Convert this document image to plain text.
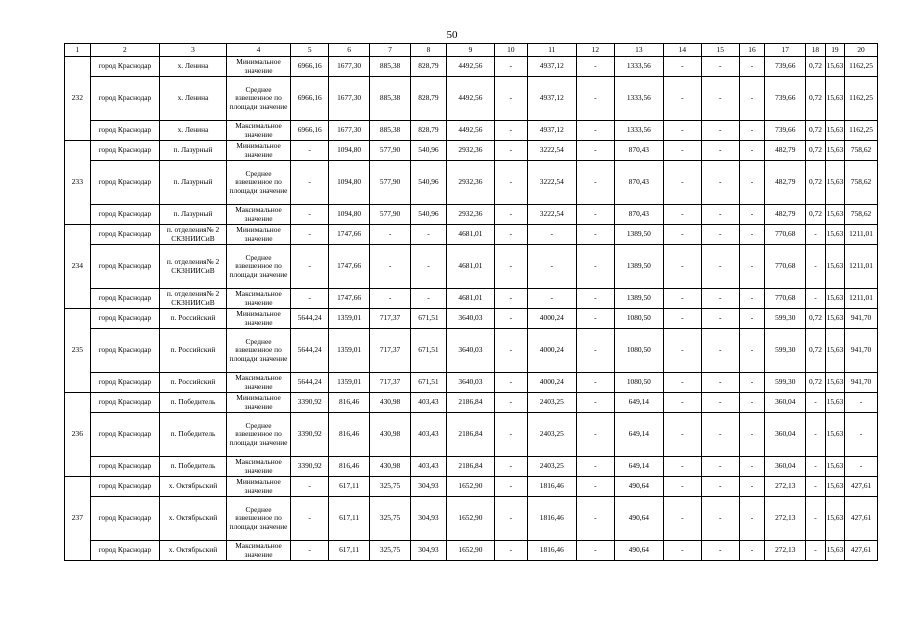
50
1	2	3	4	5	6	7	8	9	10	11	12	13	14	15	16	17	18	19	20
232	город Краснодар	х. Ленина	Минимальное значение	6966,16	1677,30	885,38	828,79	4492,56	-	4937,12	-	1333,56	-	-	-	739,66	0,72	15,63	1162,25
	город Краснодар	х. Ленина	Среднее взвешенное по площади значение	6966,16	1677,30	885,38	828,79	4492,56	-	4937,12	-	1333,56	-	-	-	739,66	0,72	15,63	1162,25
	город Краснодар	х. Ленина	Максимальное значение	6966,16	1677,30	885,38	828,79	4492,56	-	4937,12	-	1333,56	-	-	-	739,66	0,72	15,63	1162,25
233	город Краснодар	п. Лазурный	Минимальное значение	-	1094,80	577,90	540,96	2932,36	-	3222,54	-	870,43	-	-	-	482,79	0,72	15,63	758,62
	город Краснодар	п. Лазурный	Среднее взвешенное по площади значение	-	1094,80	577,90	540,96	2932,36	-	3222,54	-	870,43	-	-	-	482,79	0,72	15,63	758,62
	город Краснодар	п. Лазурный	Максимальное значение	-	1094,80	577,90	540,96	2932,36	-	3222,54	-	870,43	-	-	-	482,79	0,72	15,63	758,62
234	город Краснодар	п. отделения№ 2 СКЗНИИСиВ	Минимальное значение	-	1747,66	-	-	4681,01	-	-	-	1389,50	-	-	-	770,68	-	15,63	1211,01
	город Краснодар	п. отделения№ 2 СКЗНИИСиВ	Среднее взвешенное по площади значение	-	1747,66	-	-	4681,01	-	-	-	1389,50	-	-	-	770,68	-	15,63	1211,01
	город Краснодар	п. отделения№ 2 СКЗНИИСиВ	Максимальное значение	-	1747,66	-	-	4681,01	-	-	-	1389,50	-	-	-	770,68	-	15,63	1211,01
235	город Краснодар	п. Российский	Минимальное значение	5644,24	1359,01	717,37	671,51	3640,03	-	4000,24	-	1080,50	-	-	-	599,30	0,72	15,63	941,70
	город Краснодар	п. Российский	Среднее взвешенное по площади значение	5644,24	1359,01	717,37	671,51	3640,03	-	4000,24	-	1080,50	-	-	-	599,30	0,72	15,63	941,70
	город Краснодар	п. Российский	Максимальное значение	5644,24	1359,01	717,37	671,51	3640,03	-	4000,24	-	1080,50	-	-	-	599,30	0,72	15,63	941,70
236	город Краснодар	п. Победитель	Минимальное значение	3390,92	816,46	430,98	403,43	2186,84	-	2403,25	-	649,14	-	-	-	360,04	-	15,63	-
	город Краснодар	п. Победитель	Среднее взвешенное по площади значение	3390,92	816,46	430,98	403,43	2186,84	-	2403,25	-	649,14	-	-	-	360,04	-	15,63	-
	город Краснодар	п. Победитель	Максимальное значение	3390,92	816,46	430,98	403,43	2186,84	-	2403,25	-	649,14	-	-	-	360,04	-	15,63	-
237	город Краснодар	х. Октябрьский	Минимальное значение	-	617,11	325,75	304,93	1652,90	-	1816,46	-	490,64	-	-	-	272,13	-	15,63	427,61
	город Краснодар	х. Октябрьский	Среднее взвешенное по площади значение	-	617,11	325,75	304,93	1652,90	-	1816,46	-	490,64	-	-	-	272,13	-	15,63	427,61
	город Краснодар	х. Октябрьский	Максимальное значение	-	617,11	325,75	304,93	1652,90	-	1816,46	-	490,64	-	-	-	272,13	-	15,63	427,61
